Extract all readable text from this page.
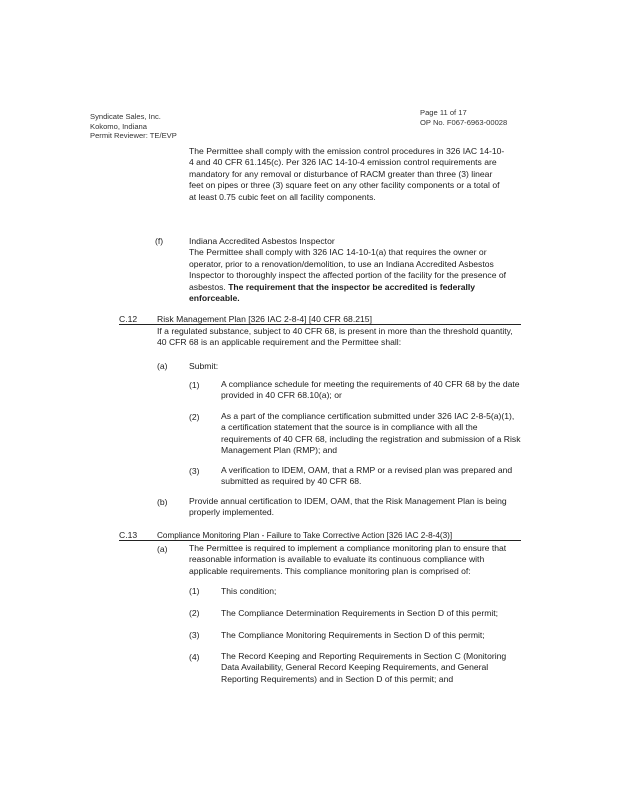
Syndicate Sales, Inc.
Kokomo, Indiana
Permit Reviewer: TE/EVP
Page 11 of 17
OP No. F067-6963-00028
The Permittee shall comply with the emission control procedures in 326 IAC 14-10-4 and 40 CFR 61.145(c). Per 326 IAC 14-10-4 emission control requirements are mandatory for any removal or disturbance of RACM greater than three (3) linear feet on pipes or three (3) square feet on any other facility components or a total of at least 0.75 cubic feet on all facility components.
(f)	Indiana Accredited Asbestos Inspector
The Permittee shall comply with 326 IAC 14-10-1(a) that requires the owner or operator, prior to a renovation/demolition, to use an Indiana Accredited Asbestos Inspector to thoroughly inspect the affected portion of the facility for the presence of asbestos. The requirement that the inspector be accredited is federally enforceable.
C.12 Risk Management Plan [326 IAC 2-8-4] [40 CFR 68.215]
If a regulated substance, subject to 40 CFR 68, is present in more than the threshold quantity, 40 CFR 68 is an applicable requirement and the Permittee shall:
(a) Submit:
(1) A compliance schedule for meeting the requirements of 40 CFR 68 by the date provided in 40 CFR 68.10(a); or
(2) As a part of the compliance certification submitted under 326 IAC 2-8-5(a)(1), a certification statement that the source is in compliance with all the requirements of 40 CFR 68, including the registration and submission of a Risk Management Plan (RMP); and
(3) A verification to IDEM, OAM, that a RMP or a revised plan was prepared and submitted as required by 40 CFR 68.
(b) Provide annual certification to IDEM, OAM, that the Risk Management Plan is being properly implemented.
C.13 Compliance Monitoring Plan - Failure to Take Corrective Action [326 IAC 2-8-4(3)]
(a) The Permittee is required to implement a compliance monitoring plan to ensure that reasonable information is available to evaluate its continuous compliance with applicable requirements. This compliance monitoring plan is comprised of:
(1) This condition;
(2) The Compliance Determination Requirements in Section D of this permit;
(3) The Compliance Monitoring Requirements in Section D of this permit;
(4) The Record Keeping and Reporting Requirements in Section C (Monitoring Data Availability, General Record Keeping Requirements, and General Reporting Requirements) and in Section D of this permit; and
